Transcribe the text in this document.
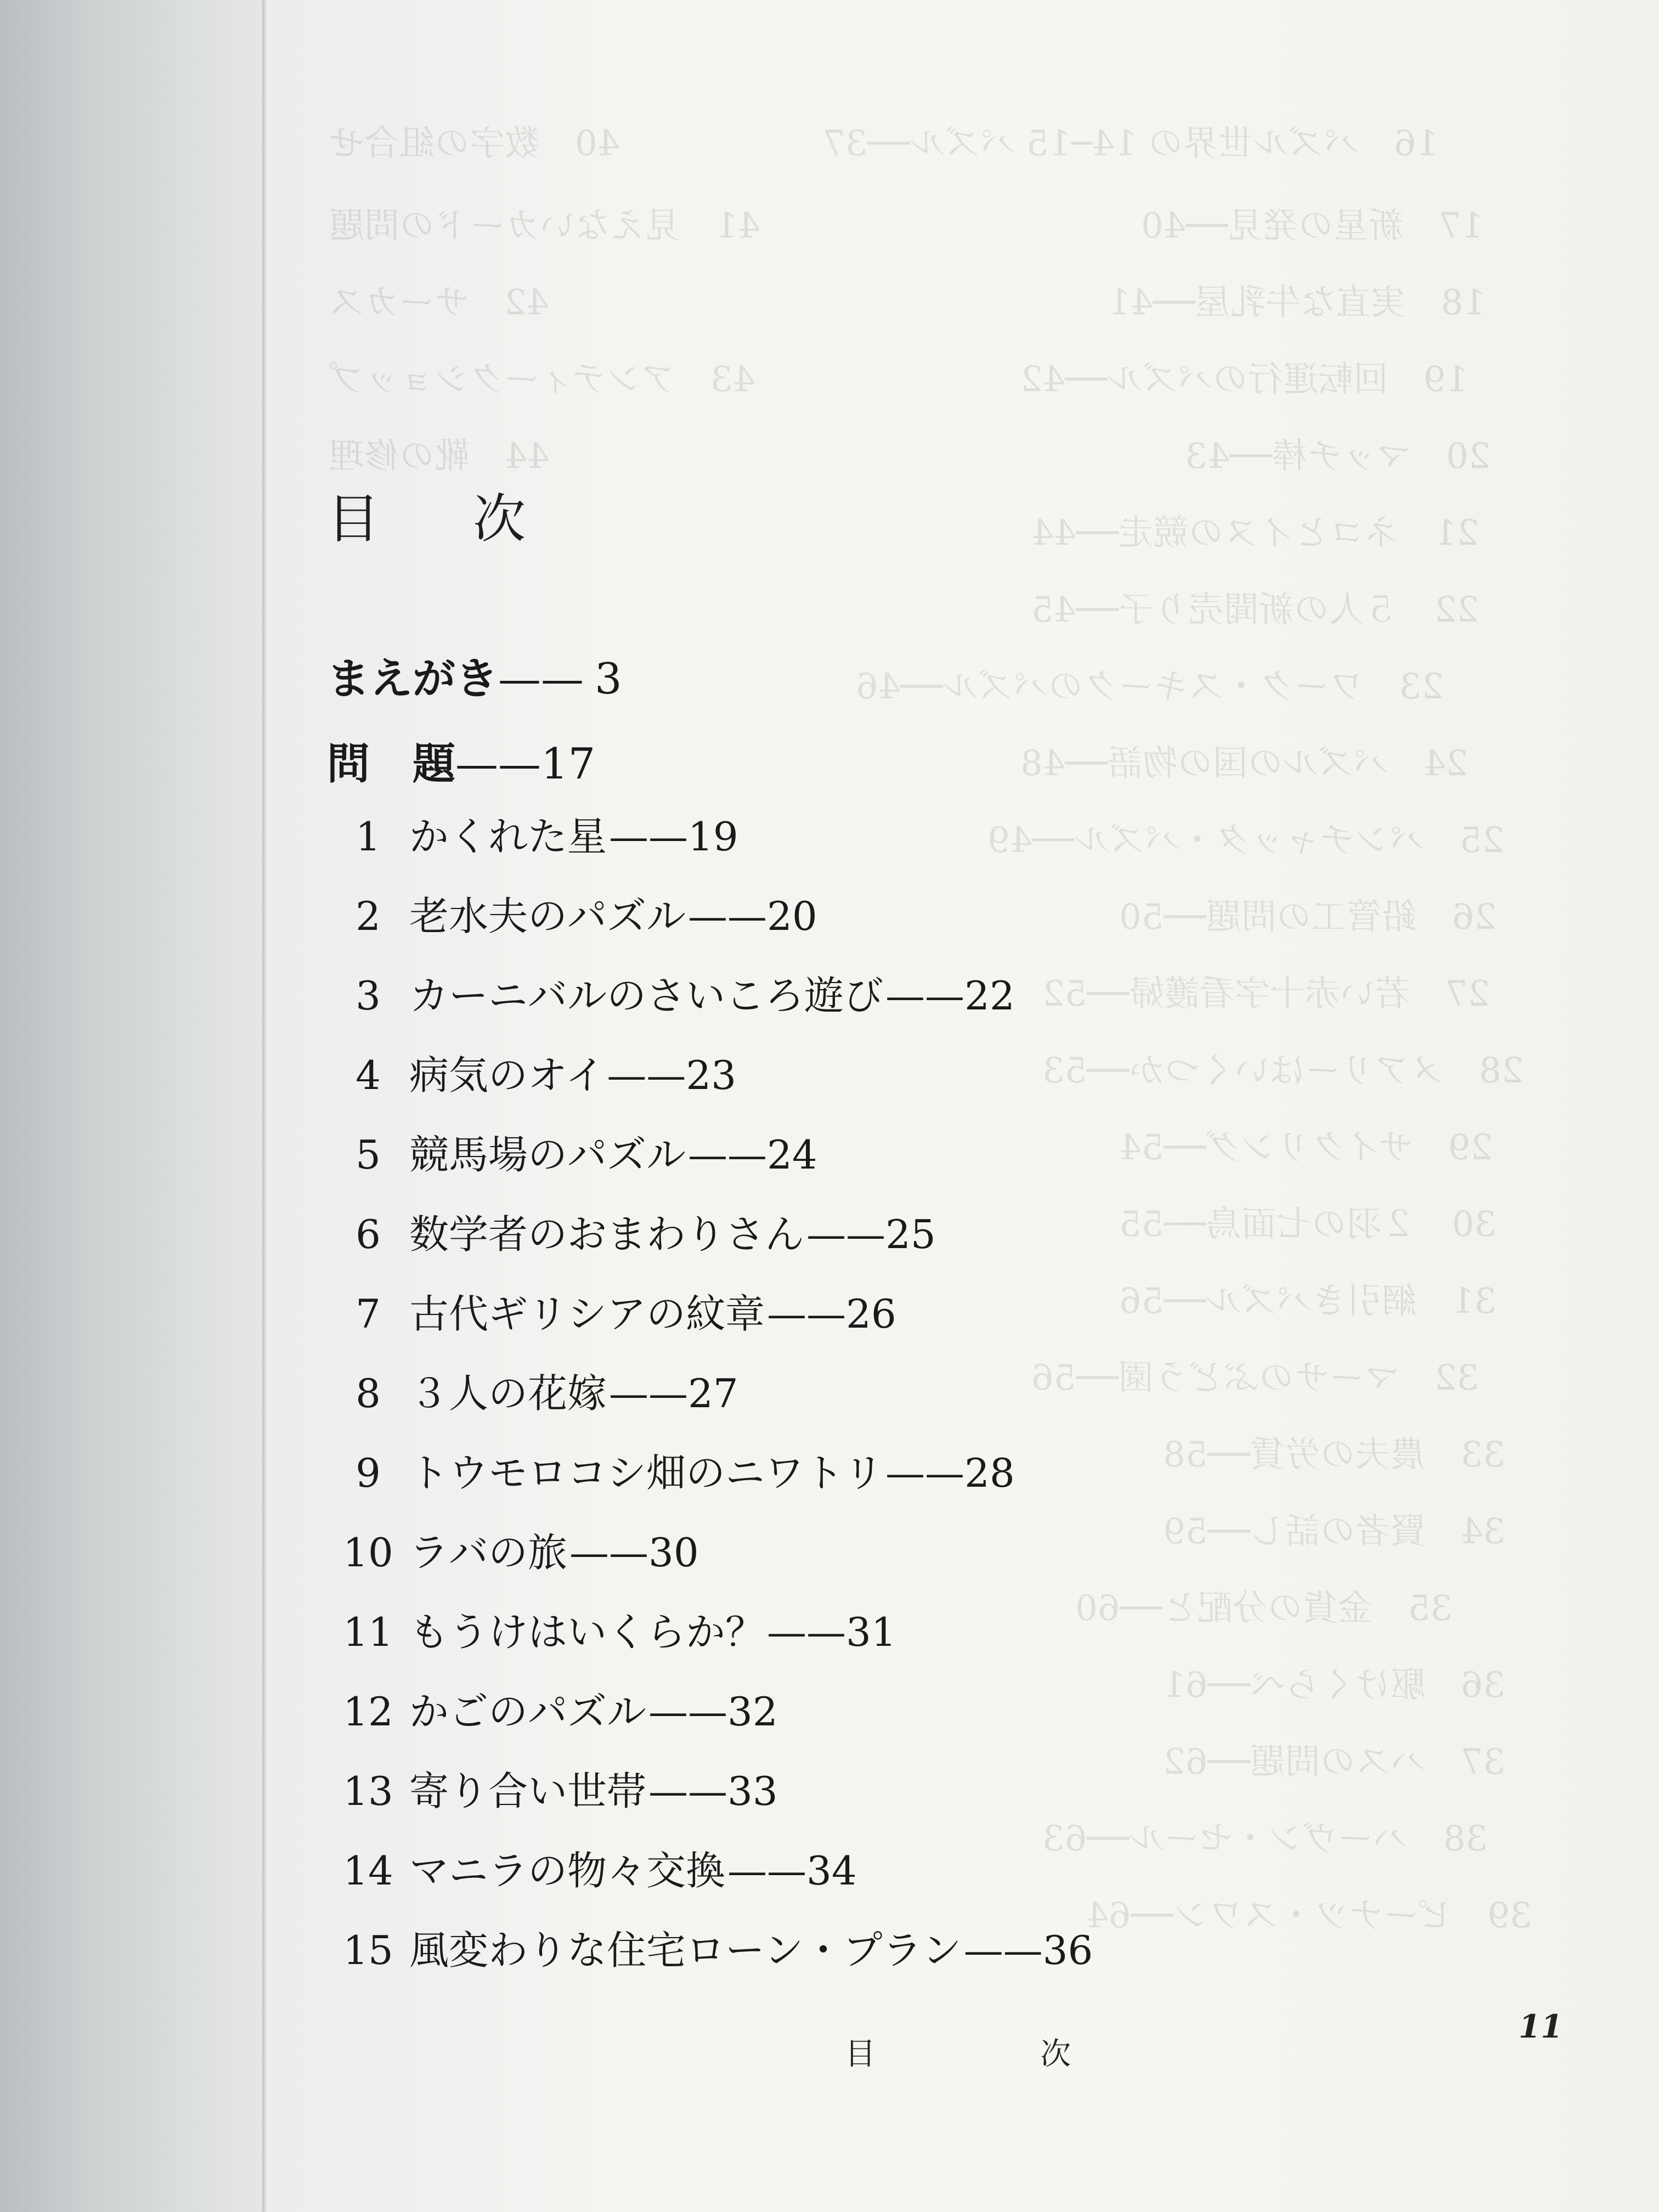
16　パズル世界の 14─15 パズル──37
17　新星の発見──40
18　実直な牛乳屋──41
19　回転運行のパズル──42
20　マッチ棒──43
21　ネコとイヌの競走──44
22　５人の新聞売り子──45
23　ワーク・スキークのパズル──46
24　パズルの国の物語──48
25　パンチャッタ・パズル──49
26　鉛管工の問題──50
27　若い赤十字看護婦──52
28　メアリーはいくつか──53
29　サイクリング──54
30　２羽の七面鳥──55
31　網引きパズル──56
32　マーサのぶどう園──56
33　農夫の労賃──58
34　賢者の話し──59
35　金貨の分配と──60
36　駆けくらべ──61
37　ハスの問題──62
38　ハーヴン・セール──63
39　ピーナツ・スワン──64
40　数字の組合せ
41　見えないカードの問題
42　サーカス
43　アンティークショップ
44　靴の修理
目次
まえがき—— 3
問　題——17
1 かくれた星——19
2 老水夫のパズル——20
3 カーニバルのさいころ遊び——22
4 病気のオイ——23
5 競馬場のパズル——24
6 数学者のおまわりさん——25
7 古代ギリシアの紋章——26
8 ３人の花嫁——27
9 トウモロコシ畑のニワトリ——28
10 ラバの旅——30
11 もうけはいくらか？——31
12 かごのパズル——32
13 寄り合い世帯——33
14 マニラの物々交換——34
15 風変わりな住宅ローン・プラン——36
目次
11
